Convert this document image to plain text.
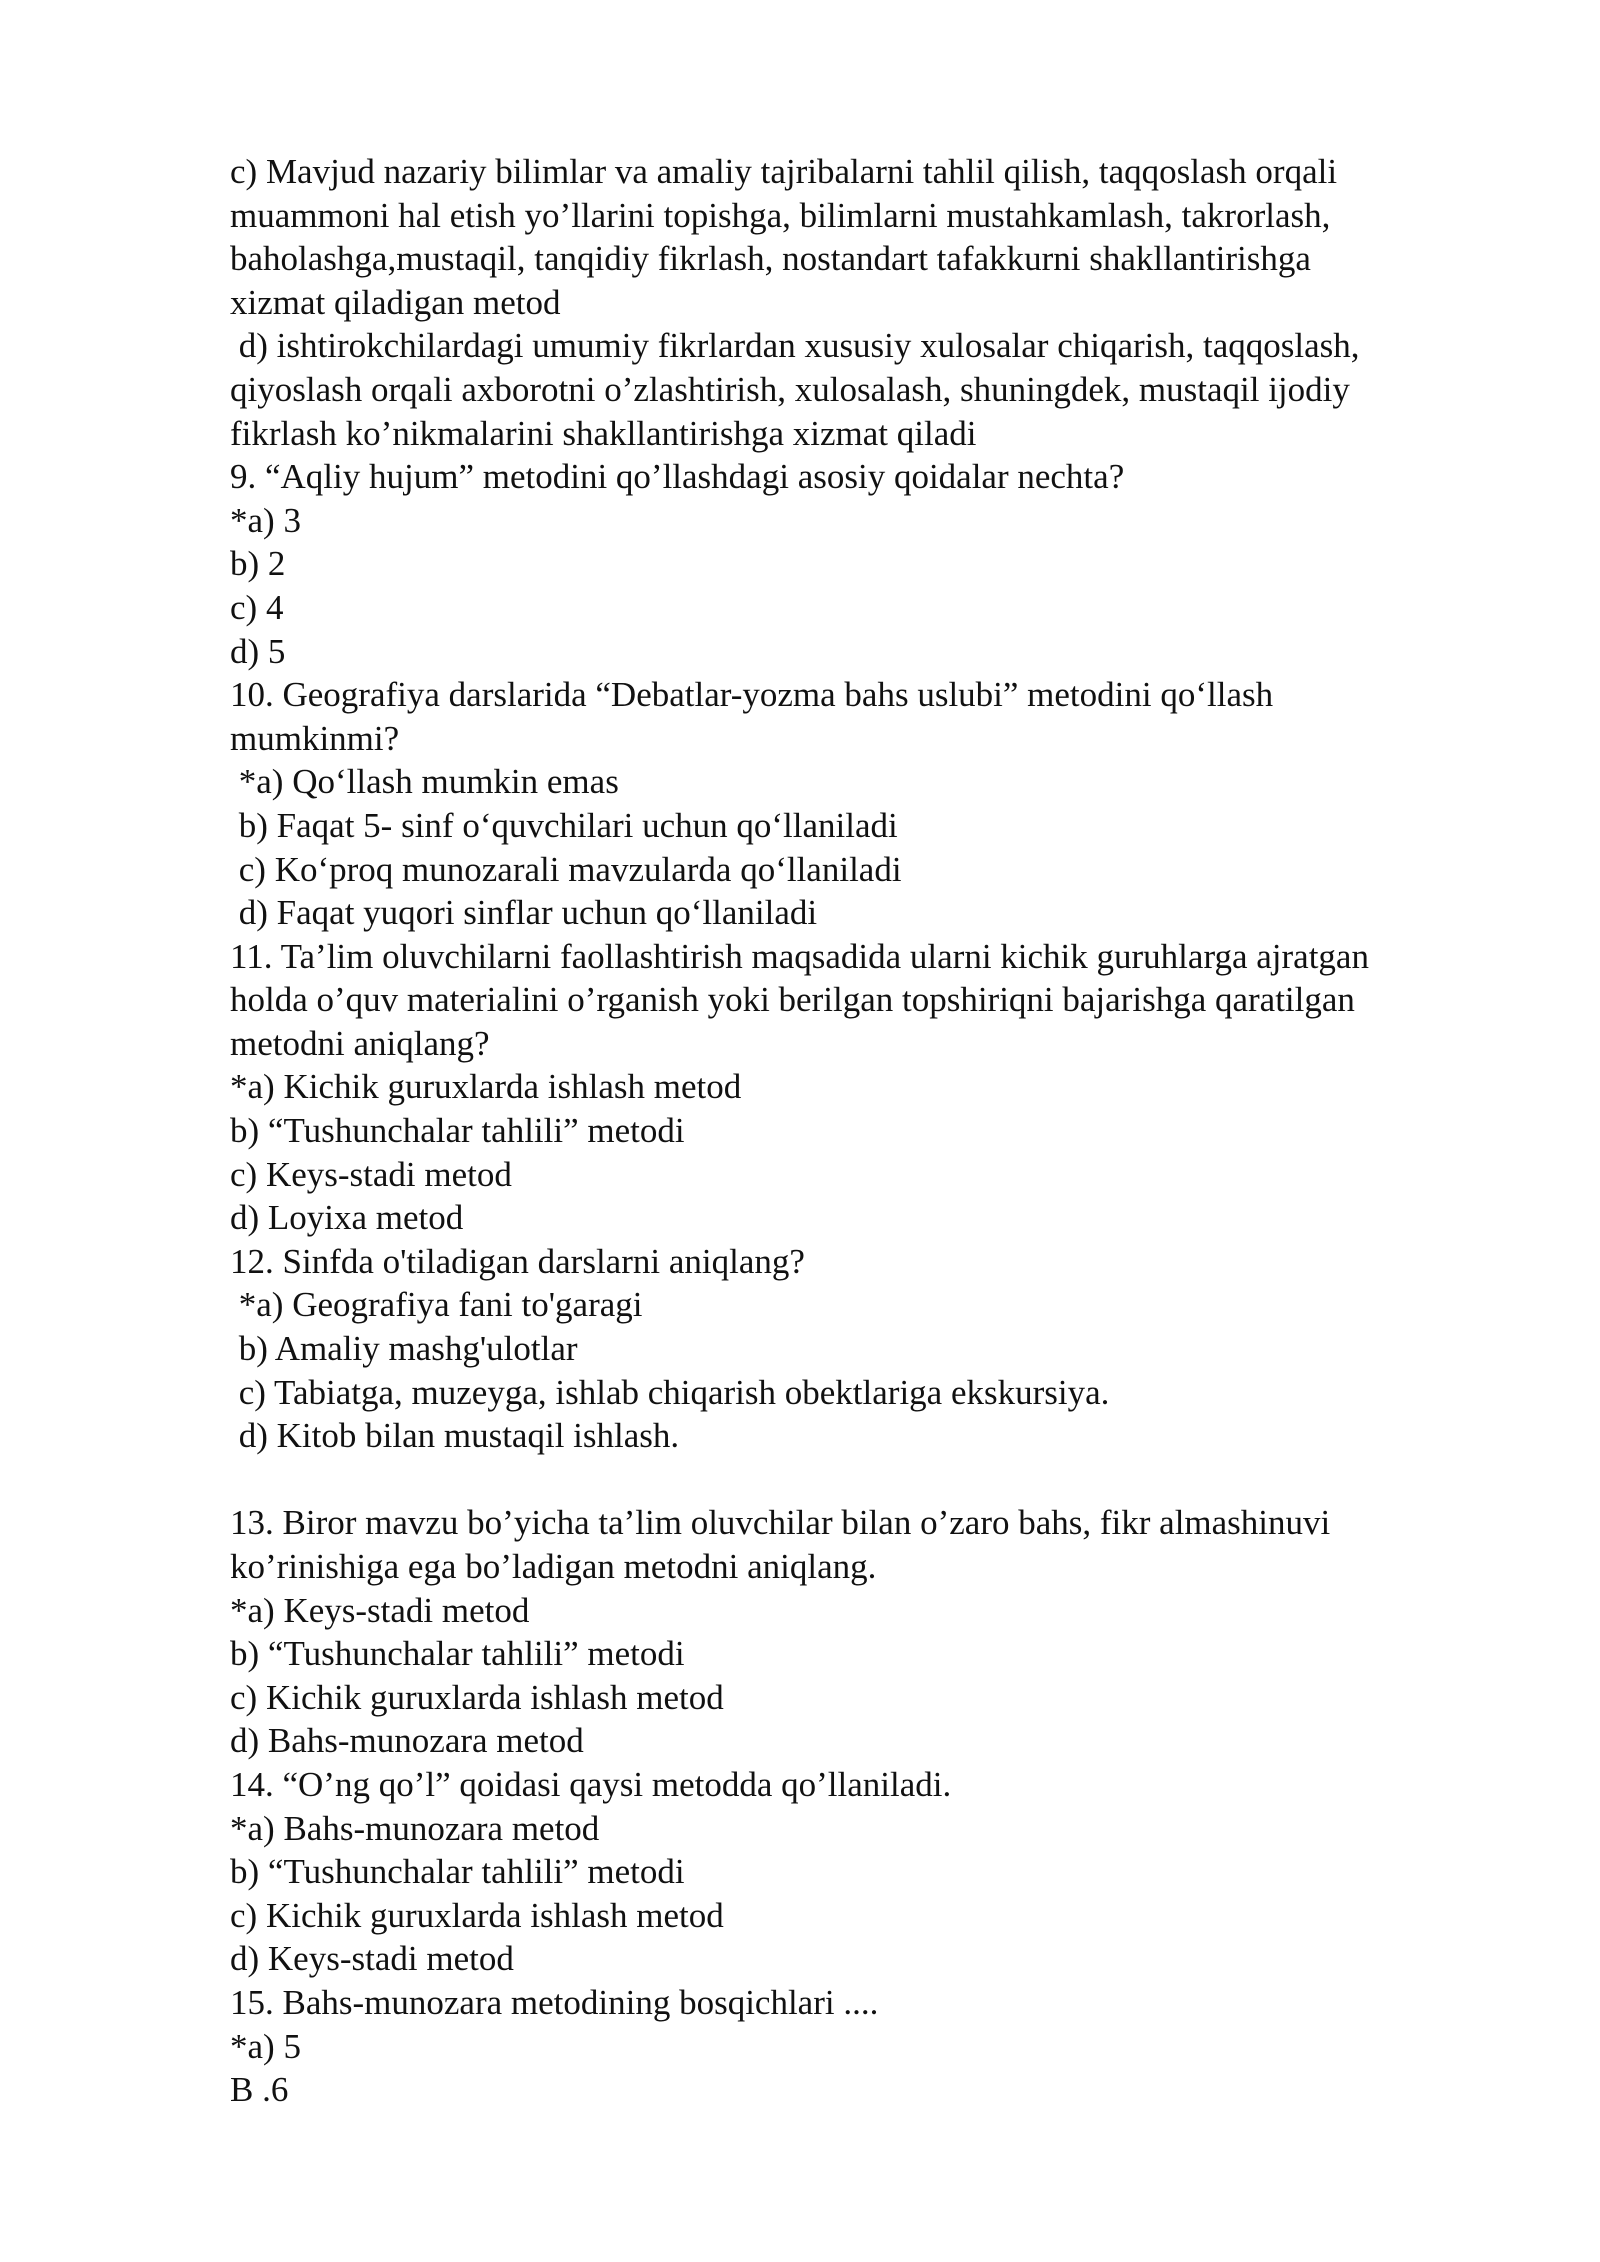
c) Mavjud nazariy bilimlar va amaliy tajribalarni tahlil qilish, taqqoslash orqali
muammoni hal etish yo’llarini topishga, bilimlarni mustahkamlash, takrorlash,
baholashga,mustaqil, tanqidiy fikrlash, nostandart tafakkurni shakllantirishga
xizmat qiladigan metod
d) ishtirokchilardagi umumiy fikrlardan xususiy xulosalar chiqarish, taqqoslash,
qiyoslash orqali axborotni o’zlashtirish, xulosalash, shuningdek, mustaqil ijodiy
fikrlash ko’nikmalarini shakllantirishga xizmat qiladi
9. “Aqliy hujum” metodini qo’llashdagi asosiy qoidalar nechta?
*a) 3
b) 2
c) 4
d) 5
10. Geografiya darslarida “Debatlar-yozma bahs uslubi” metodini qo‘llash
mumkinmi?
*a) Qo‘llash mumkin emas
b) Faqat 5- sinf o‘quvchilari uchun qo‘llaniladi
c) Ko‘proq munozarali mavzularda qo‘llaniladi
d) Faqat yuqori sinflar uchun qo‘llaniladi
11. Ta’lim oluvchilarni faollashtirish maqsadida ularni kichik guruhlarga ajratgan
holda o’quv materialini o’rganish yoki berilgan topshiriqni bajarishga qaratilgan
metodni aniqlang?
*a) Kichik guruxlarda ishlash metod
b) “Tushunchalar tahlili” metodi
c) Keys-stadi metod
d) Loyixa metod
12. Sinfda o'tiladigan darslarni aniqlang?
*a) Geografiya fani to'garagi
b) Amaliy mashg'ulotlar
c) Tabiatga, muzeyga, ishlab chiqarish obektlariga ekskursiya.
d) Kitob bilan mustaqil ishlash.
13. Biror mavzu bo’yicha ta’lim oluvchilar bilan o’zaro bahs, fikr almashinuvi
ko’rinishiga ega bo’ladigan metodni aniqlang.
*a) Keys-stadi metod
b) “Tushunchalar tahlili” metodi
c) Kichik guruxlarda ishlash metod
d) Bahs-munozara metod
14. “O’ng qo’l” qoidasi qaysi metodda qo’llaniladi.
*a) Bahs-munozara metod
b) “Tushunchalar tahlili” metodi
c) Kichik guruxlarda ishlash metod
d) Keys-stadi metod
15. Bahs-munozara metodining bosqichlari ....
*a) 5
B .6
